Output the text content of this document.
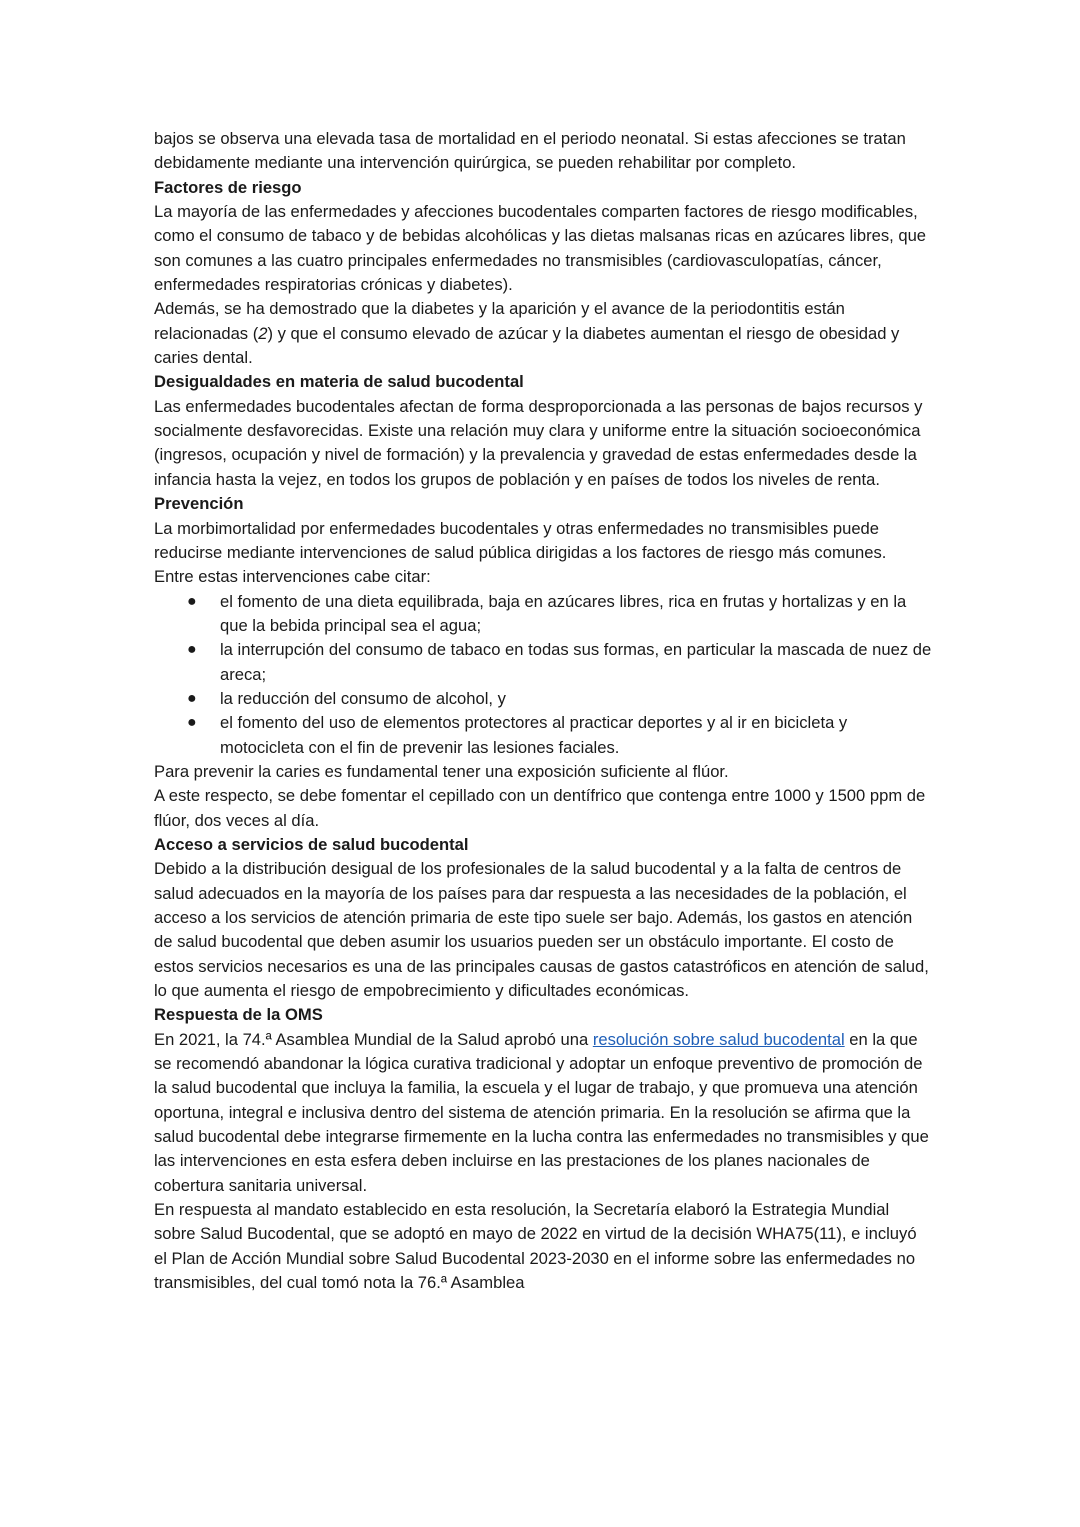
bajos se observa una elevada tasa de mortalidad en el periodo neonatal. Si estas afecciones se tratan debidamente mediante una intervención quirúrgica, se pueden rehabilitar por completo.

Factores de riesgo

La mayoría de las enfermedades y afecciones bucodentales comparten factores de riesgo modificables, como el consumo de tabaco y de bebidas alcohólicas y las dietas malsanas ricas en azúcares libres, que son comunes a las cuatro principales enfermedades no transmisibles (cardiovasculopatías, cáncer, enfermedades respiratorias crónicas y diabetes).

Además, se ha demostrado que la diabetes y la aparición y el avance de la periodontitis están relacionadas (2) y que el consumo elevado de azúcar y la diabetes aumentan el riesgo de obesidad y caries dental.

Desigualdades en materia de salud bucodental

Las enfermedades bucodentales afectan de forma desproporcionada a las personas de bajos recursos y socialmente desfavorecidas. Existe una relación muy clara y uniforme entre la situación socioeconómica (ingresos, ocupación y nivel de formación) y la prevalencia y gravedad de estas enfermedades desde la infancia hasta la vejez, en todos los grupos de población y en países de todos los niveles de renta.

Prevención

La morbimortalidad por enfermedades bucodentales y otras enfermedades no transmisibles puede reducirse mediante intervenciones de salud pública dirigidas a los factores de riesgo más comunes.

Entre estas intervenciones cabe citar:

● el fomento de una dieta equilibrada, baja en azúcares libres, rica en frutas y hortalizas y en la que la bebida principal sea el agua;
● la interrupción del consumo de tabaco en todas sus formas, en particular la mascada de nuez de areca;
● la reducción del consumo de alcohol, y
● el fomento del uso de elementos protectores al practicar deportes y al ir en bicicleta y motocicleta con el fin de prevenir las lesiones faciales.

Para prevenir la caries es fundamental tener una exposición suficiente al flúor.

A este respecto, se debe fomentar el cepillado con un dentífrico que contenga entre 1000 y 1500 ppm de flúor, dos veces al día.

Acceso a servicios de salud bucodental

Debido a la distribución desigual de los profesionales de la salud bucodental y a la falta de centros de salud adecuados en la mayoría de los países para dar respuesta a las necesidades de la población, el acceso a los servicios de atención primaria de este tipo suele ser bajo. Además, los gastos en atención de salud bucodental que deben asumir los usuarios pueden ser un obstáculo importante. El costo de estos servicios necesarios es una de las principales causas de gastos catastróficos en atención de salud, lo que aumenta el riesgo de empobrecimiento y dificultades económicas.

Respuesta de la OMS

En 2021, la 74.ª Asamblea Mundial de la Salud aprobó una resolución sobre salud bucodental en la que se recomendó abandonar la lógica curativa tradicional y adoptar un enfoque preventivo de promoción de la salud bucodental que incluya la familia, la escuela y el lugar de trabajo, y que promueva una atención oportuna, integral e inclusiva dentro del sistema de atención primaria. En la resolución se afirma que la salud bucodental debe integrarse firmemente en la lucha contra las enfermedades no transmisibles y que las intervenciones en esta esfera deben incluirse en las prestaciones de los planes nacionales de cobertura sanitaria universal.

En respuesta al mandato establecido en esta resolución, la Secretaría elaboró la Estrategia Mundial sobre Salud Bucodental, que se adoptó en mayo de 2022 en virtud de la decisión WHA75(11), e incluyó el Plan de Acción Mundial sobre Salud Bucodental 2023-2030 en el informe sobre las enfermedades no transmisibles, del cual tomó nota la 76.ª Asamblea
